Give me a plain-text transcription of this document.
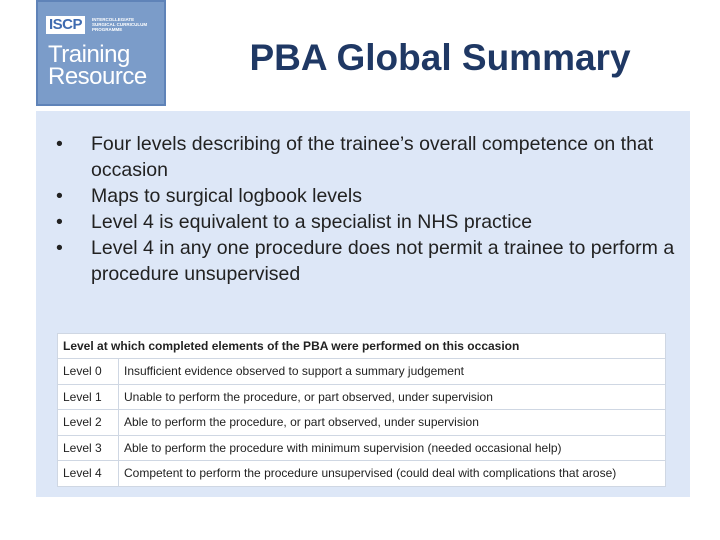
ISCP	INTERCOLLEGIATE SURGICAL CURRICULUM PROGRAMME
Training
Resource	PBA Global Summary
• Four levels describing of the trainee’s overall competence on that occasion
• Maps to surgical logbook levels
• Level 4 is equivalent to a specialist in NHS practice
• Level 4 in any one procedure does not permit a trainee to perform a procedure unsupervised
Level at which completed elements of the PBA were performed on this occasion	
Level 0	Insufficient evidence observed to support a summary judgement
Level 1	Unable to perform the procedure, or part observed, under supervision
Level 2	Able to perform the procedure, or part observed, under supervision
Level 3	Able to perform the procedure with minimum supervision (needed occasional help)
Level 4	Competent to perform the procedure unsupervised (could deal with complications that arose)
